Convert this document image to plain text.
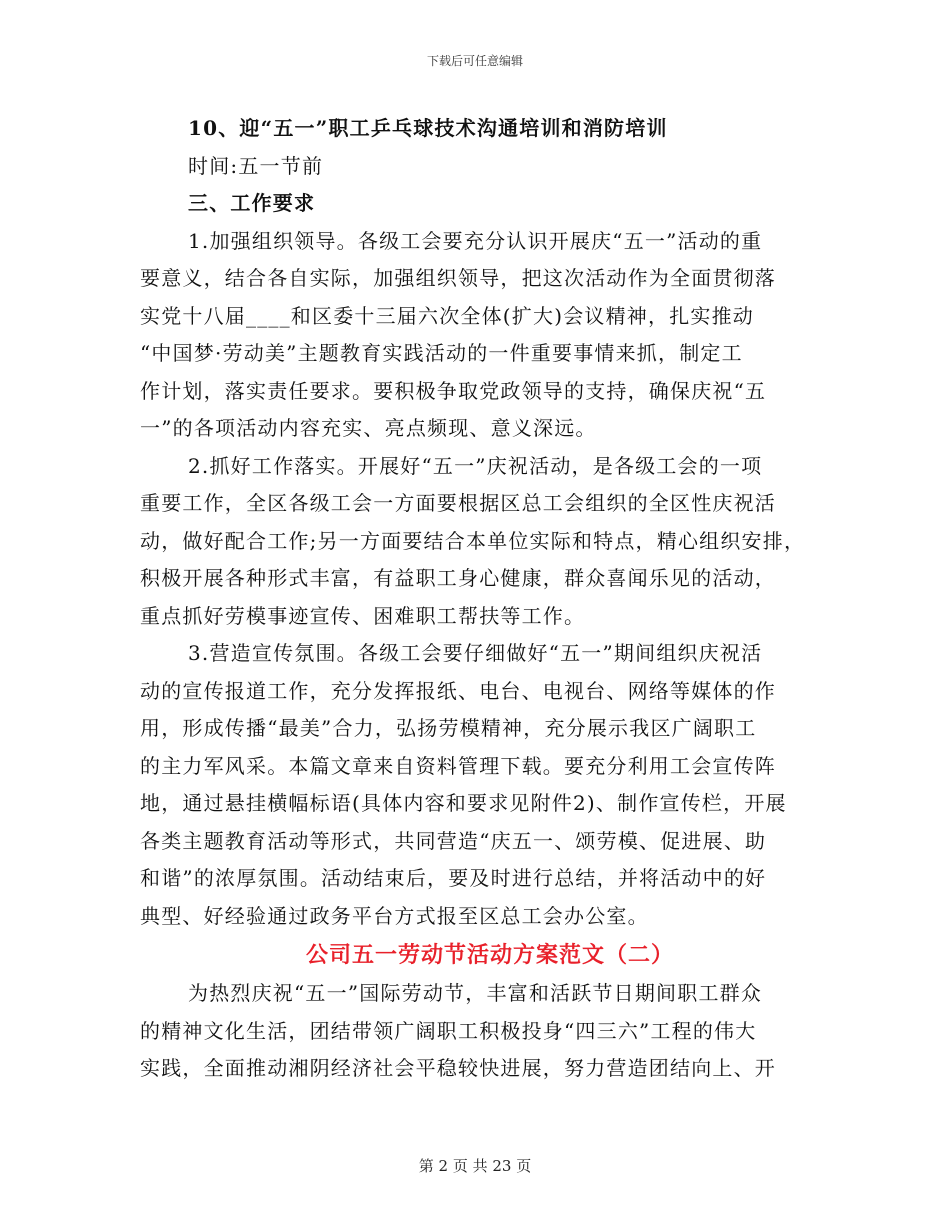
下载后可任意编辑
10、迎“五一”职工乒乓球技术沟通培训和消防培训
时间:五一节前
三、工作要求
1.加强组织领导。各级工会要充分认识开展庆“五一”活动的重
要意义，结合各自实际，加强组织领导，把这次活动作为全面贯彻落
实党十八届____和区委十三届六次全体(扩大)会议精神，扎实推动
“中国梦·劳动美”主题教育实践活动的一件重要事情来抓，制定工
作计划，落实责任要求。要积极争取党政领导的支持，确保庆祝“五
一”的各项活动内容充实、亮点频现、意义深远。
2.抓好工作落实。开展好“五一”庆祝活动，是各级工会的一项
重要工作，全区各级工会一方面要根据区总工会组织的全区性庆祝活
动，做好配合工作;另一方面要结合本单位实际和特点，精心组织安排，
积极开展各种形式丰富，有益职工身心健康，群众喜闻乐见的活动，
重点抓好劳模事迹宣传、困难职工帮扶等工作。
3.营造宣传氛围。各级工会要仔细做好“五一”期间组织庆祝活
动的宣传报道工作，充分发挥报纸、电台、电视台、网络等媒体的作
用，形成传播“最美”合力，弘扬劳模精神，充分展示我区广阔职工
的主力军风采。本篇文章来自资料管理下载。要充分利用工会宣传阵
地，通过悬挂横幅标语(具体内容和要求见附件2)、制作宣传栏，开展
各类主题教育活动等形式，共同营造“庆五一、颂劳模、促进展、助
和谐”的浓厚氛围。活动结束后，要及时进行总结，并将活动中的好
典型、好经验通过政务平台方式报至区总工会办公室。
公司五一劳动节活动方案范文（二）
为热烈庆祝“五一”国际劳动节，丰富和活跃节日期间职工群众
的精神文化生活，团结带领广阔职工积极投身“四三六”工程的伟大
实践，全面推动湘阴经济社会平稳较快进展，努力营造团结向上、开
第 2 页 共 23 页
